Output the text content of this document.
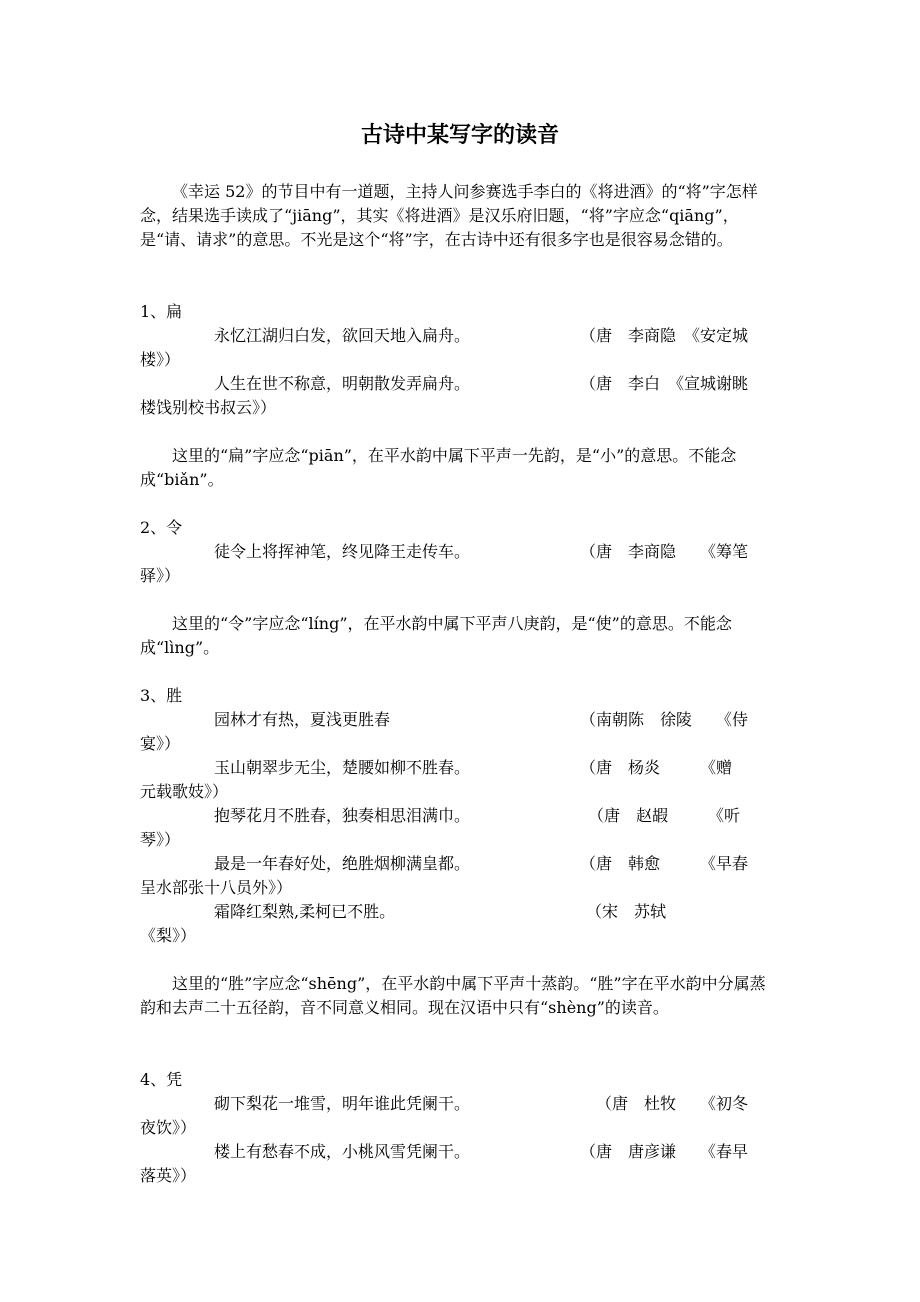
古诗中某写字的读音
《幸运 52》的节目中有一道题，主持人问参赛选手李白的《将进酒》的“将”字怎样念，结果选手读成了“jiāng”，其实《将进酒》是汉乐府旧题，“将”字应念“qiāng”，是“请、请求”的意思。不光是这个“将”字，在古诗中还有很多字也是很容易念错的。
1、扁
永忆江湖归白发，欲回天地入扁舟。	（唐　李商隐　《安定城
楼》）
人生在世不称意，明朝散发弄扁舟。	（唐　李白　《宣城谢眺
楼饯别校书叔云》）
这里的“扁”字应念“piān”，在平水韵中属下平声一先韵，是“小”的意思。不能念成“biǎn”。
2、令
徒令上将挥神笔，终见降王走传车。	（唐　李商隐　　《筹笔
驿》）
这里的“令”字应念“líng”，在平水韵中属下平声八庚韵，是“使”的意思。不能念成“lìng”。
3、胜
园林才有热，夏浅更胜春	（南朝陈　徐陵　　《侍
宴》）
玉山朝翠步无尘，楚腰如柳不胜春。	（唐　杨炎　　　《赠
元载歌妓》）
抱琴花月不胜春，独奏相思泪满巾。	（唐　赵嘏　　　《听
琴》）
最是一年春好处，绝胜烟柳满皇都。	（唐　韩愈　　　《早春
呈水部张十八员外》）
霜降红梨熟,柔柯已不胜。	（宋　苏轼
《梨》）
这里的“胜”字应念“shēng”，在平水韵中属下平声十蒸韵。“胜”字在平水韵中分属蒸韵和去声二十五径韵，音不同意义相同。现在汉语中只有“shèng”的读音。
4、凭
砌下梨花一堆雪，明年谁此凭阑干。	（唐　杜牧　　《初冬
夜饮》）
楼上有愁春不成，小桃风雪凭阑干。	（唐　唐彦谦　　《春早
落英》）
